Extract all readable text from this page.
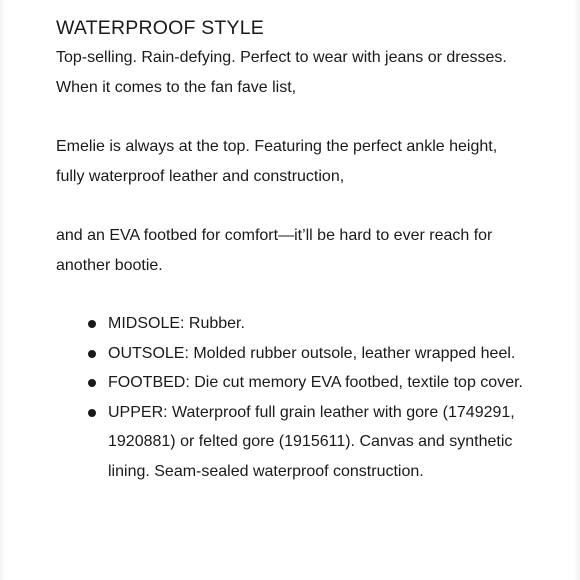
WATERPROOF STYLE

Top-selling. Rain-defying. Perfect to wear with jeans or dresses. When it comes to the fan fave list,

Emelie is always at the top. Featuring the perfect ankle height, fully waterproof leather and construction,

and an EVA footbed for comfort—it’ll be hard to ever reach for another bootie.

MIDSOLE: Rubber.
OUTSOLE: Molded rubber outsole, leather wrapped heel.
FOOTBED: Die cut memory EVA footbed, textile top cover.
UPPER: Waterproof full grain leather with gore (1749291, 1920881) or felted gore (1915611). Canvas and synthetic lining. Seam-sealed waterproof construction.
